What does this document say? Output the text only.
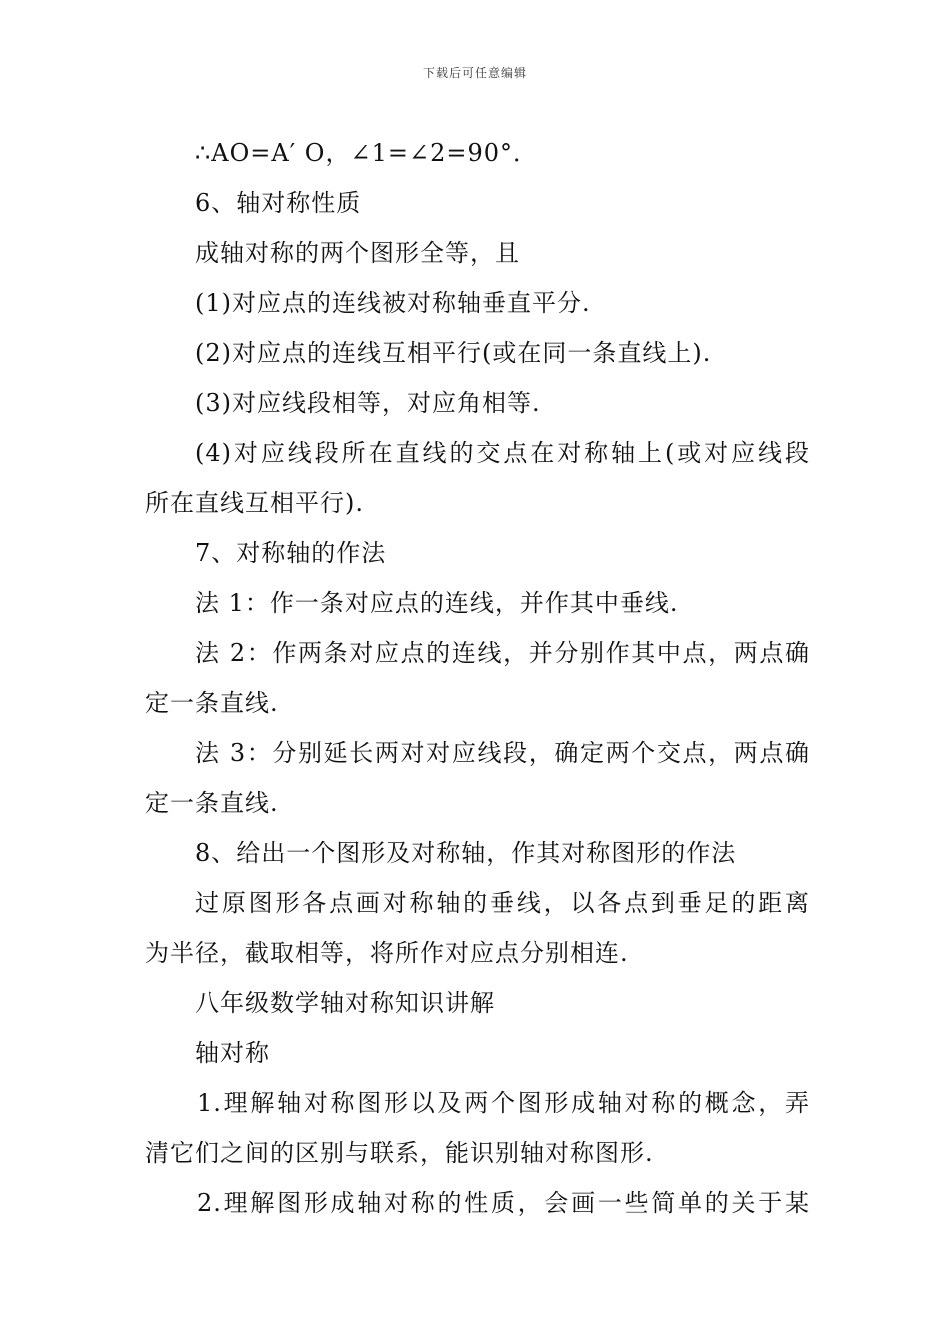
下载后可任意编辑
∴AO=A′ O，∠1=∠2=90°．
6、轴对称性质
成轴对称的两个图形全等，且
(1)对应点的连线被对称轴垂直平分.
(2)对应点的连线互相平行(或在同一条直线上).
(3)对应线段相等，对应角相等.
(4)对应线段所在直线的交点在对称轴上(或对应线段
所在直线互相平行).
7、对称轴的作法
法 1：作一条对应点的连线，并作其中垂线.
法 2：作两条对应点的连线，并分别作其中点，两点确
定一条直线.
法 3：分别延长两对对应线段，确定两个交点，两点确
定一条直线.
8、给出一个图形及对称轴，作其对称图形的作法
过原图形各点画对称轴的垂线，以各点到垂足的距离
为半径，截取相等，将所作对应点分别相连.
八年级数学轴对称知识讲解
轴对称
1.理解轴对称图形以及两个图形成轴对称的概念，弄
清它们之间的区别与联系，能识别轴对称图形.
2.理解图形成轴对称的性质，会画一些简单的关于某
